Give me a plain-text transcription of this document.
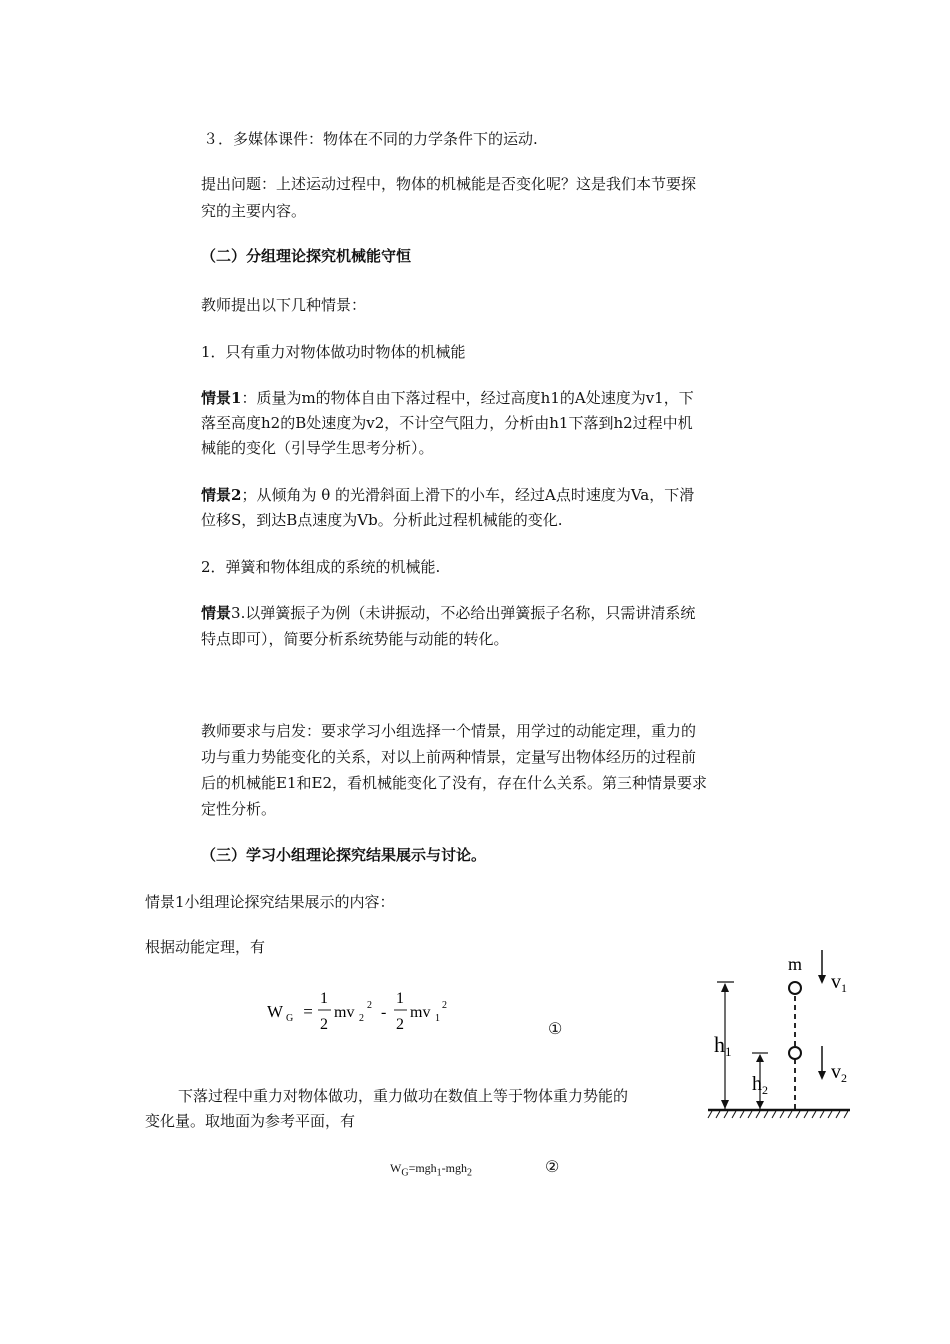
３．多媒体课件：物体在不同的力学条件下的运动.
提出问题：上述运动过程中，物体的机械能是否变化呢？这是我们本节要探
究的主要内容。
（二）分组理论探究机械能守恒
教师提出以下几种情景：
1．只有重力对物体做功时物体的机械能
情景1：质量为m的物体自由下落过程中，经过高度h1的A处速度为v1，下
落至高度h2的B处速度为v2，不计空气阻力，分析由h1下落到h2过程中机
械能的变化（引导学生思考分析）。
情景2；从倾角为 θ 的光滑斜面上滑下的小车，经过A点时速度为Va，下滑
位移S，到达B点速度为Vb。分析此过程机械能的变化.
2．弹簧和物体组成的系统的机械能.
情景3.以弹簧振子为例（未讲振动，不必给出弹簧振子名称，只需讲清系统
特点即可），简要分析系统势能与动能的转化。
教师要求与启发：要求学习小组选择一个情景，用学过的动能定理，重力的
功与重力势能变化的关系，对以上前两种情景，定量写出物体经历的过程前
后的机械能E1和E2，看机械能变化了没有，存在什么关系。第三种情景要求
定性分析。
（三）学习小组理论探究结果展示与讨论。
情景1小组理论探究结果展示的内容：
根据动能定理，有
W G =
1
2
mv 2
2 -
1
2
mv 1
2
①
下落过程中重力对物体做功，重力做功在数值上等于物体重力势能的
变化量。取地面为参考平面，有
$W_G=mgh_1-mgh_2$	②
h1
$h_2$
m
$v_1$
$v_2$
